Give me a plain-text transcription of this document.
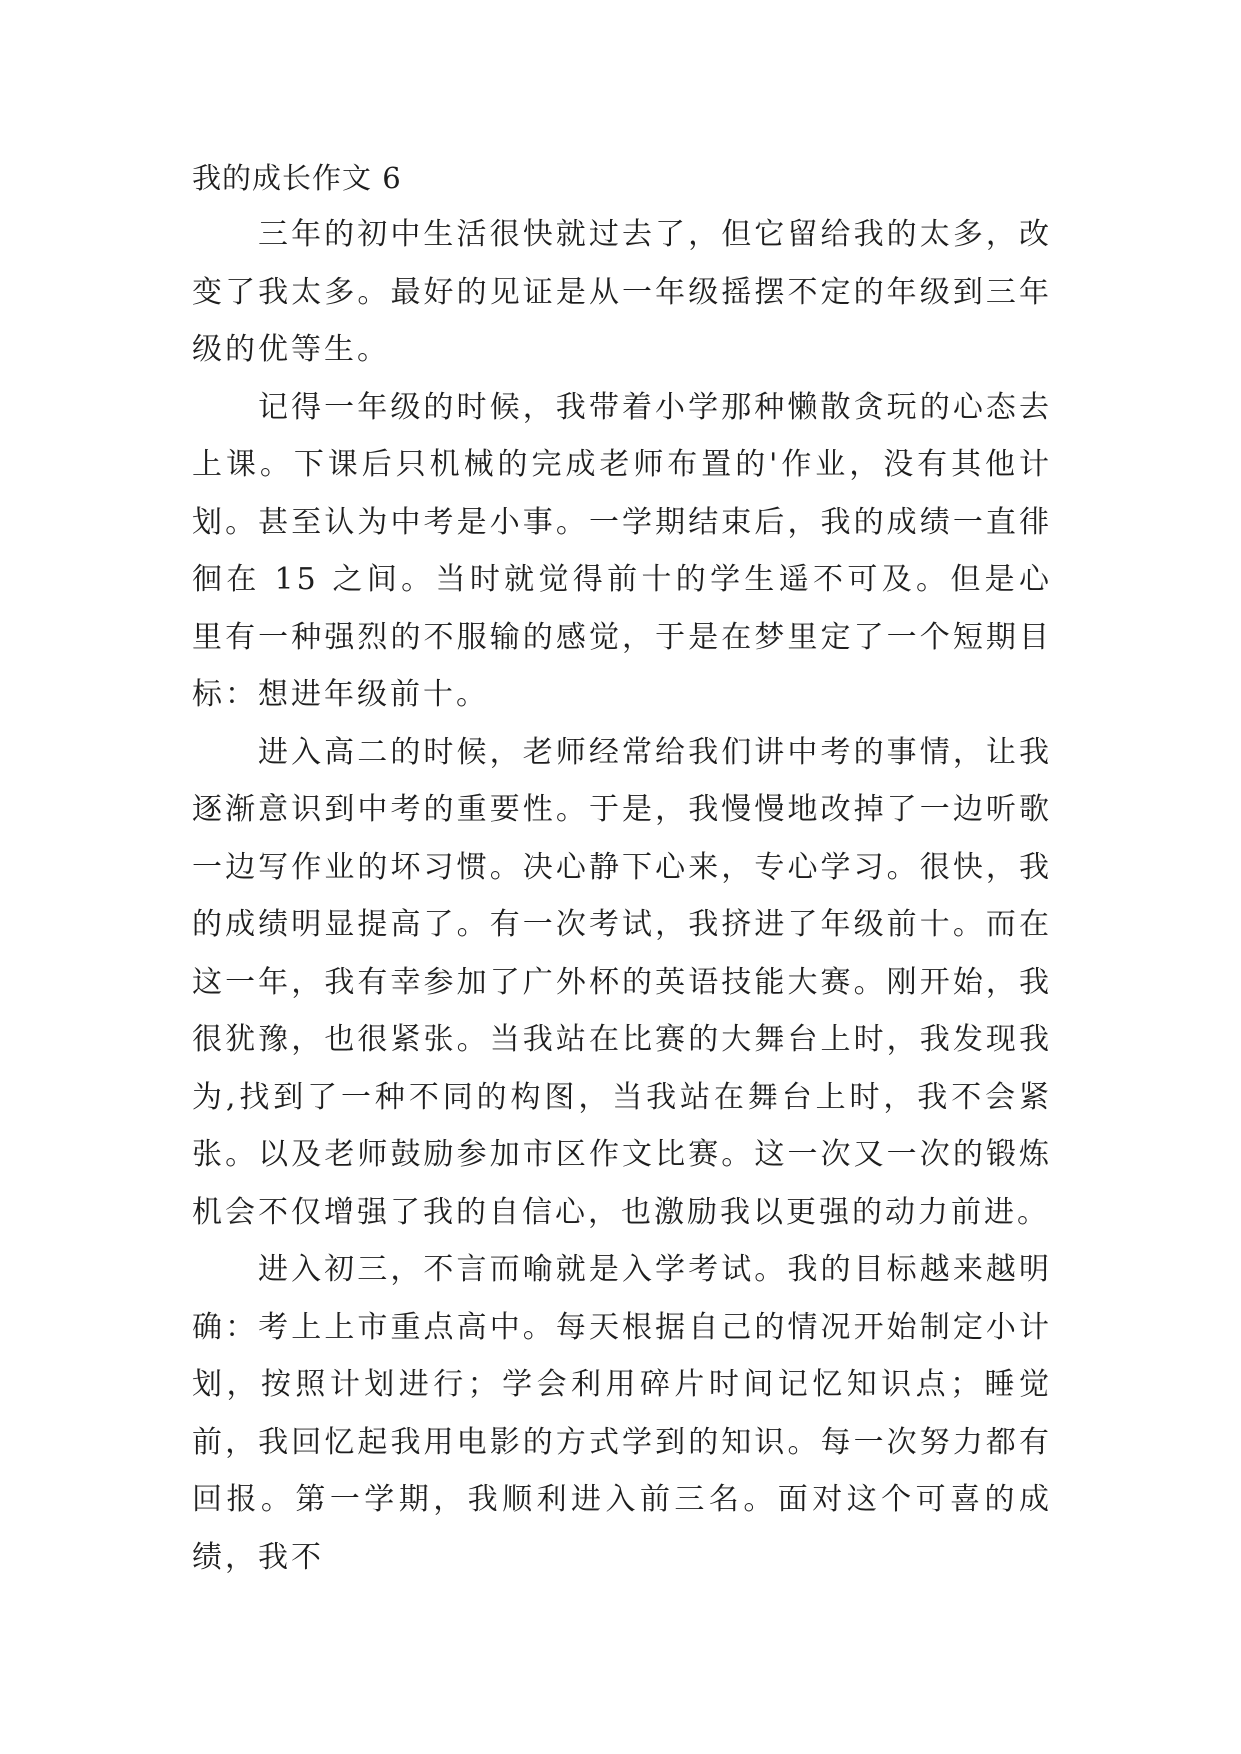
我的成长作文 6

三年的初中生活很快就过去了，但它留给我的太多，改变了我太多。最好的见证是从一年级摇摆不定的年级到三年级的优等生。

记得一年级的时候，我带着小学那种懒散贪玩的心态去上课。下课后只机械的完成老师布置的'作业，没有其他计划。甚至认为中考是小事。一学期结束后，我的成绩一直徘徊在 15 之间。当时就觉得前十的学生遥不可及。但是心里有一种强烈的不服输的感觉，于是在梦里定了一个短期目标：想进年级前十。

进入高二的时候，老师经常给我们讲中考的事情，让我逐渐意识到中考的重要性。于是，我慢慢地改掉了一边听歌一边写作业的坏习惯。决心静下心来，专心学习。很快，我的成绩明显提高了。有一次考试，我挤进了年级前十。而在这一年，我有幸参加了广外杯的英语技能大赛。刚开始，我很犹豫，也很紧张。当我站在比赛的大舞台上时，我发现我为,找到了一种不同的构图，当我站在舞台上时，我不会紧张。以及老师鼓励参加市区作文比赛。这一次又一次的锻炼机会不仅增强了我的自信心，也激励我以更强的动力前进。

进入初三，不言而喻就是入学考试。我的目标越来越明确：考上上市重点高中。每天根据自己的情况开始制定小计划，按照计划进行；学会利用碎片时间记忆知识点；睡觉前，我回忆起我用电影的方式学到的知识。每一次努力都有回报。第一学期，我顺利进入前三名。面对这个可喜的成绩，我不
